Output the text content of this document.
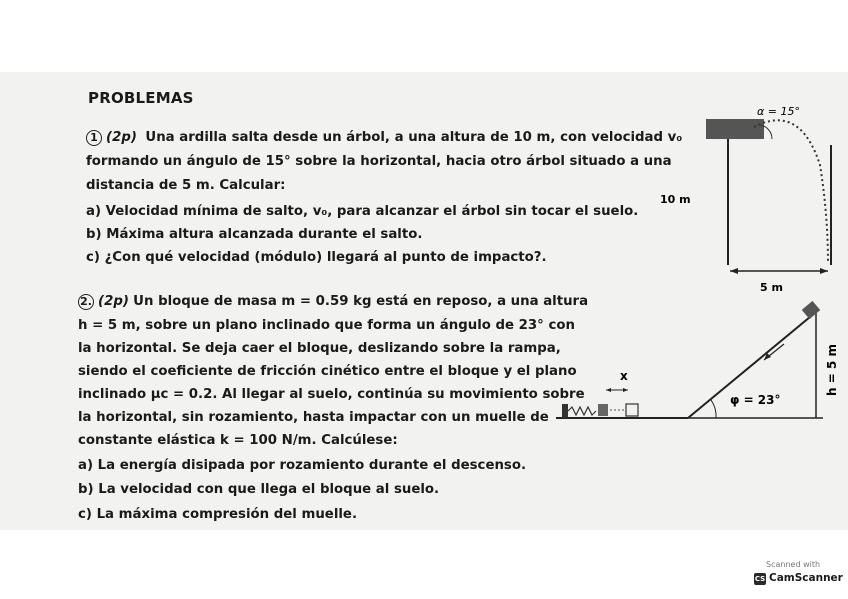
PROBLEMAS
1 (2p) Una ardilla salta desde un árbol, a una altura de 10 m, con velocidad v₀
formando un ángulo de 15° sobre la horizontal, hacia otro árbol situado a una
distancia de 5 m. Calcular:
a) Velocidad mínima de salto, v₀, para alcanzar el árbol sin tocar el suelo.
b) Máxima altura alcanzada durante el salto.
c) ¿Con qué velocidad (módulo) llegará al punto de impacto?.
α = 15°
10 m
5 m
2. (2p) Un bloque de masa m = 0.59 kg está en reposo, a una altura
h = 5 m, sobre un plano inclinado que forma un ángulo de 23° con
la horizontal. Se deja caer el bloque, deslizando sobre la rampa,
siendo el coeficiente de fricción cinético entre el bloque y el plano
inclinado μc = 0.2. Al llegar al suelo, continúa su movimiento sobre
la horizontal, sin rozamiento, hasta impactar con un muelle de
constante elástica k = 100 N/m. Calcúlese:
a) La energía disipada por rozamiento durante el descenso.
b) La velocidad con que llega el bloque al suelo.
c) La máxima compresión del muelle.
φ = 23°
h = 5 m
x
Scanned with
CS CamScanner
